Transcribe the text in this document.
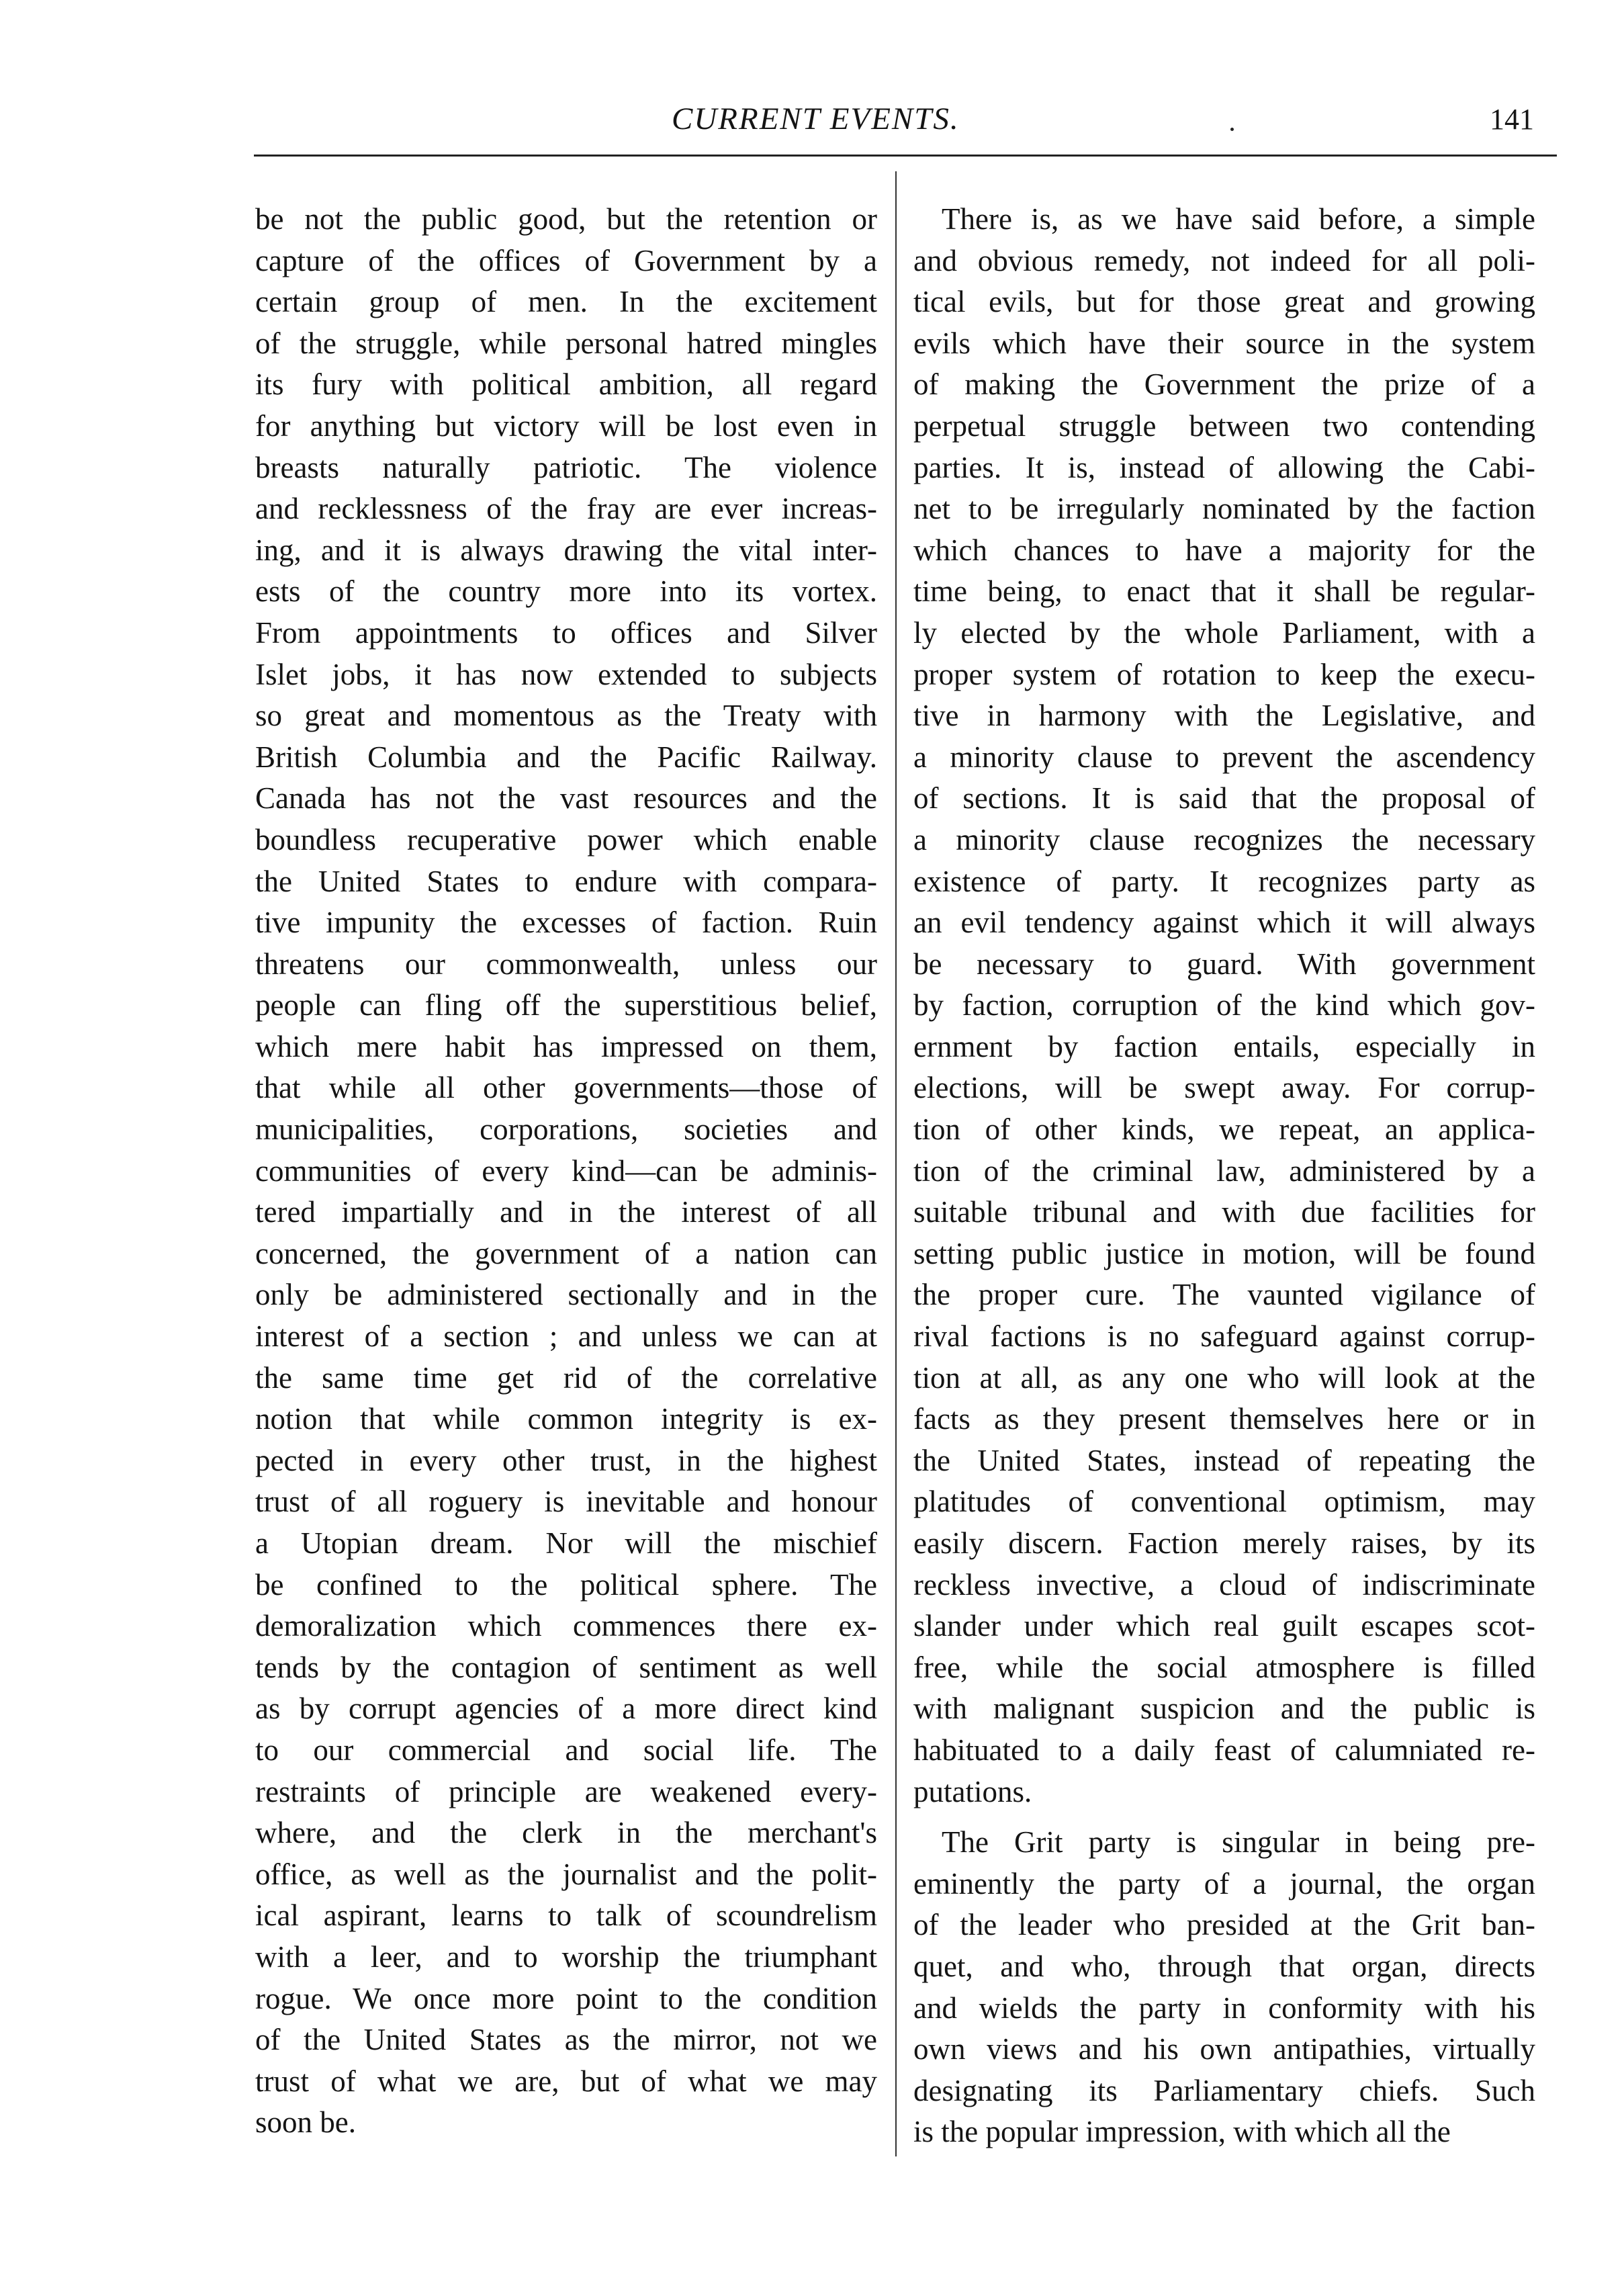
CURRENT EVENTS.	141
be not the public good, but the retention or
capture of the offices of Government by a
certain group of men. In the excitement
of the struggle, while personal hatred mingles
its fury with political ambition, all regard
for anything but victory will be lost even in
breasts naturally patriotic. The violence
and recklessness of the fray are ever increas-
ing, and it is always drawing the vital inter-
ests of the country more into its vortex.
From appointments to offices and Silver
Islet jobs, it has now extended to subjects
so great and momentous as the Treaty with
British Columbia and the Pacific Railway.
Canada has not the vast resources and the
boundless recuperative power which enable
the United States to endure with compara-
tive impunity the excesses of faction. Ruin
threatens our commonwealth, unless our
people can fling off the superstitious belief,
which mere habit has impressed on them,
that while all other governments—those of
municipalities, corporations, societies and
communities of every kind—can be adminis-
tered impartially and in the interest of all
concerned, the government of a nation can
only be administered sectionally and in the
interest of a section ; and unless we can at
the same time get rid of the correlative
notion that while common integrity is ex-
pected in every other trust, in the highest
trust of all roguery is inevitable and honour
a Utopian dream. Nor will the mischief
be confined to the political sphere. The
demoralization which commences there ex-
tends by the contagion of sentiment as well
as by corrupt agencies of a more direct kind
to our commercial and social life. The
restraints of principle are weakened every-
where, and the clerk in the merchant's
office, as well as the journalist and the polit-
ical aspirant, learns to talk of scoundrelism
with a leer, and to worship the triumphant
rogue. We once more point to the condition
of the United States as the mirror, not we
trust of what we are, but of what we may
soon be.
There is, as we have said before, a simple
and obvious remedy, not indeed for all poli-
tical evils, but for those great and growing
evils which have their source in the system
of making the Government the prize of a
perpetual struggle between two contending
parties. It is, instead of allowing the Cabi-
net to be irregularly nominated by the faction
which chances to have a majority for the
time being, to enact that it shall be regular-
ly elected by the whole Parliament, with a
proper system of rotation to keep the execu-
tive in harmony with the Legislative, and
a minority clause to prevent the ascendency
of sections. It is said that the proposal of
a minority clause recognizes the necessary
existence of party. It recognizes party as
an evil tendency against which it will always
be necessary to guard. With government
by faction, corruption of the kind which gov-
ernment by faction entails, especially in
elections, will be swept away. For corrup-
tion of other kinds, we repeat, an applica-
tion of the criminal law, administered by a
suitable tribunal and with due facilities for
setting public justice in motion, will be found
the proper cure. The vaunted vigilance of
rival factions is no safeguard against corrup-
tion at all, as any one who will look at the
facts as they present themselves here or in
the United States, instead of repeating the
platitudes of conventional optimism, may
easily discern. Faction merely raises, by its
reckless invective, a cloud of indiscriminate
slander under which real guilt escapes scot-
free, while the social atmosphere is filled
with malignant suspicion and the public is
habituated to a daily feast of calumniated re-
putations.
The Grit party is singular in being pre-
eminently the party of a journal, the organ
of the leader who presided at the Grit ban-
quet, and who, through that organ, directs
and wields the party in conformity with his
own views and his own antipathies, virtually
designating its Parliamentary chiefs. Such
is the popular impression, with which all the
